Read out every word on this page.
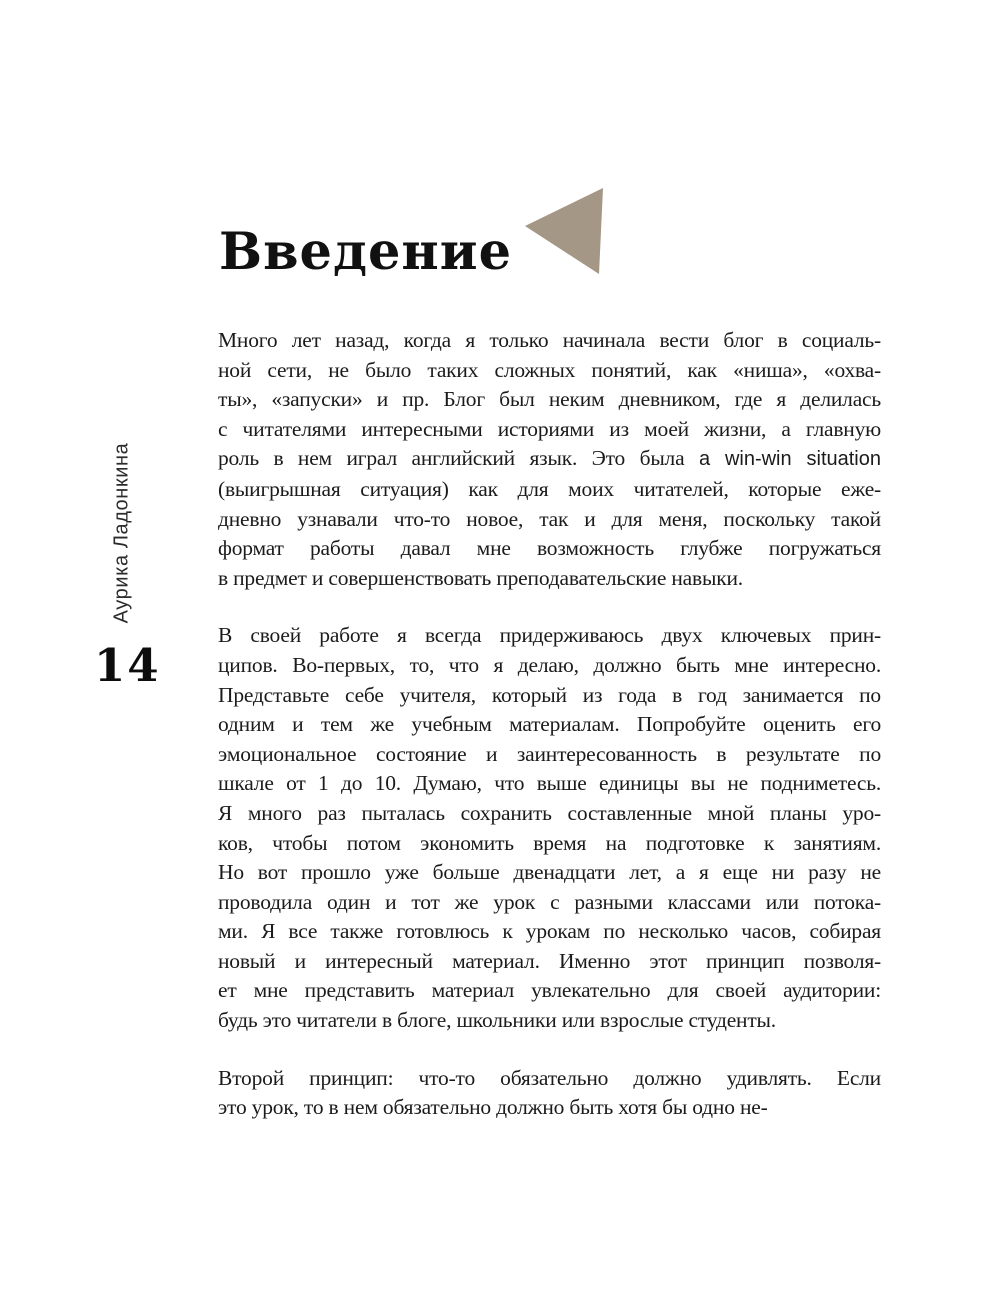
Введение
Аурика Ладонкина
14
Много лет назад, когда я только начинала вести блог в социаль-
ной сети, не было таких сложных понятий, как «ниша», «охва-
ты», «запуски» и пр. Блог был неким дневником, где я делилась
с читателями интересными историями из моей жизни, а главную
роль в нем играл английский язык. Это была a win-win situation
(выигрышная ситуация) как для моих читателей, которые еже-
дневно узнавали что-то новое, так и для меня, поскольку такой
формат работы давал мне возможность глубже погружаться
в предмет и совершенствовать преподавательские навыки.
В своей работе я всегда придерживаюсь двух ключевых прин-
ципов. Во-первых, то, что я делаю, должно быть мне интересно.
Представьте себе учителя, который из года в год занимается по
одним и тем же учебным материалам. Попробуйте оценить его
эмоциональное состояние и заинтересованность в результате по
шкале от 1 до 10. Думаю, что выше единицы вы не подниметесь.
Я много раз пыталась сохранить составленные мной планы уро-
ков, чтобы потом экономить время на подготовке к занятиям.
Но вот прошло уже больше двенадцати лет, а я еще ни разу не
проводила один и тот же урок с разными классами или потока-
ми. Я все также готовлюсь к урокам по несколько часов, собирая
новый и интересный материал. Именно этот принцип позволя-
ет мне представить материал увлекательно для своей аудитории:
будь это читатели в блоге, школьники или взрослые студенты.
Второй принцип: что-то обязательно должно удивлять. Если
это урок, то в нем обязательно должно быть хотя бы одно не-
